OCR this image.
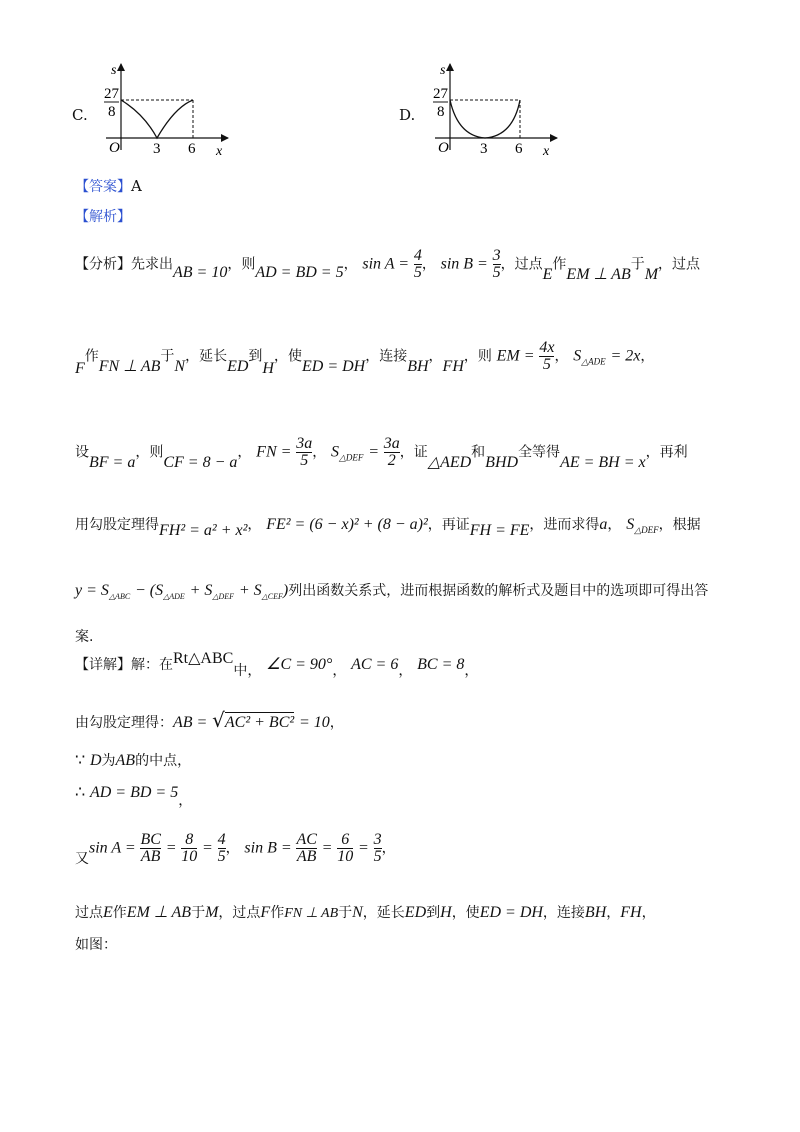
C.
s
27
8
O 3 6 x
D.
s
27
8
O 3 6 x
【答案】A
【解析】
【分析】先求出AB = 10，则AD = BD = 5， $\sin A = \frac{4}{5}$ ， $\sin B = \frac{3}{5}$ ，过点E作EM ⊥ AB于M，过点
F作FN ⊥ AB于N，延长ED到H，使ED = DH，连接BH，FH，则 EM = $\frac{4x}{5}$ ， $S_{\triangle ADE} = 2x$，
设BF = a，则CF = 8 − a， FN = $\frac{3a}{5}$ ， $S_{\triangle DEF} = \frac{3a}{2}$ ，证△AED和BHD全等得AE = BH = x，再利
用勾股定理得FH² = a² + x²， FE² = (6 − x)² + (8 − a)²，再证FH = FE，进而求得a， $S_{\triangle DEF}$，根据
$y = S_{\triangle ABC} - (S_{\triangle ADE} + S_{\triangle DEF} + S_{\triangle CEF})$列出函数关系式，进而根据函数的解析式及题目中的选项即可得出答
案.
【详解】解：在Rt△ABC中， ∠C = 90°， AC = 6， BC = 8，
由勾股定理得：AB = √AC² + BC² = 10，
∵ D为AB的中点，
∴ AD = BD = 5，
又$\sin A = \frac{BC}{AB} = \frac{8}{10} = \frac{4}{5}$ ， $\sin B = \frac{AC}{AB} = \frac{6}{10} = \frac{3}{5}$ ，
过点E作EM ⊥ AB于M，过点F作FN ⊥ AB于N，延长ED到H，使ED = DH，连接BH，FH，
如图：
